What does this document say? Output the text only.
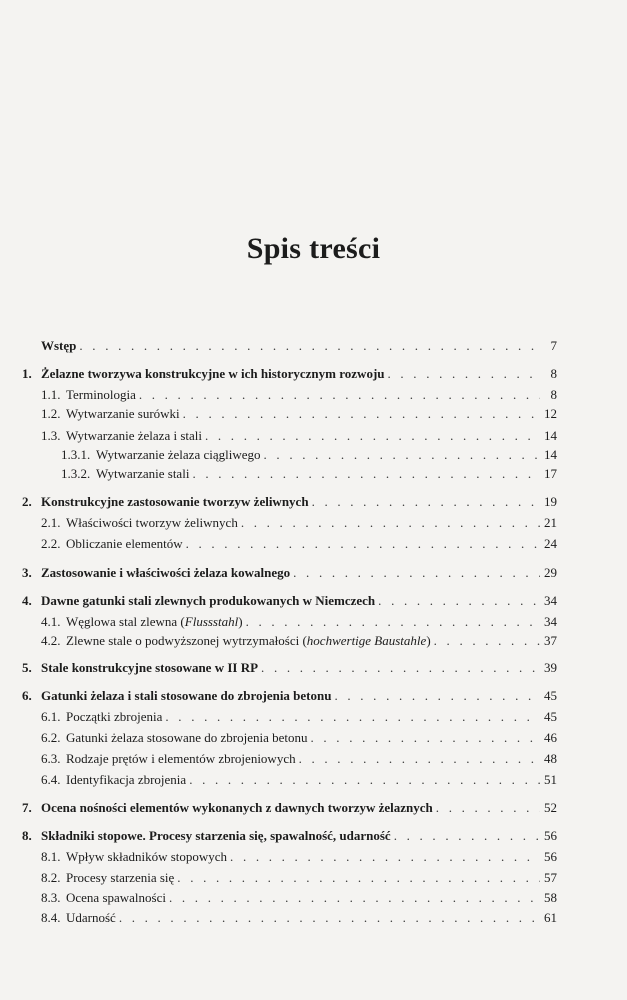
Spis treści
Wstęp . . .	7
1. Żelazne tworzywa konstrukcyjne w ich historycznym rozwoju . . .	8
1.1. Terminologia . . .	8
1.2. Wytwarzanie surówki . . .	12
1.3. Wytwarzanie żelaza i stali . . .	14
1.3.1. Wytwarzanie żelaza ciągliwego . . .	14
1.3.2. Wytwarzanie stali . . .	17
2. Konstrukcyjne zastosowanie tworzyw żeliwnych . . .	19
2.1. Właściwości tworzyw żeliwnych . . .	21
2.2. Obliczanie elementów . . .	24
3. Zastosowanie i właściwości żelaza kowalnego . . .	29
4. Dawne gatunki stali zlewnych produkowanych w Niemczech . . .	34
4.1. Węglowa stal zlewna (Flussstahl) . . .	34
4.2. Zlewne stale o podwyższonej wytrzymałości (hochwertige Baustahle) . . .	37
5. Stale konstrukcyjne stosowane w II RP . . .	39
6. Gatunki żelaza i stali stosowane do zbrojenia betonu . . .	45
6.1. Początki zbrojenia . . .	45
6.2. Gatunki żelaza stosowane do zbrojenia betonu . . .	46
6.3. Rodzaje prętów i elementów zbrojeniowych . . .	48
6.4. Identyfikacja zbrojenia . . .	51
7. Ocena nośności elementów wykonanych z dawnych tworzyw żelaznych . . .	52
8. Składniki stopowe. Procesy starzenia się, spawalność, udarność . . .	56
8.1. Wpływ składników stopowych . . .	56
8.2. Procesy starzenia się . . .	57
8.3. Ocena spawalności . . .	58
8.4. Udarność . . .	61
